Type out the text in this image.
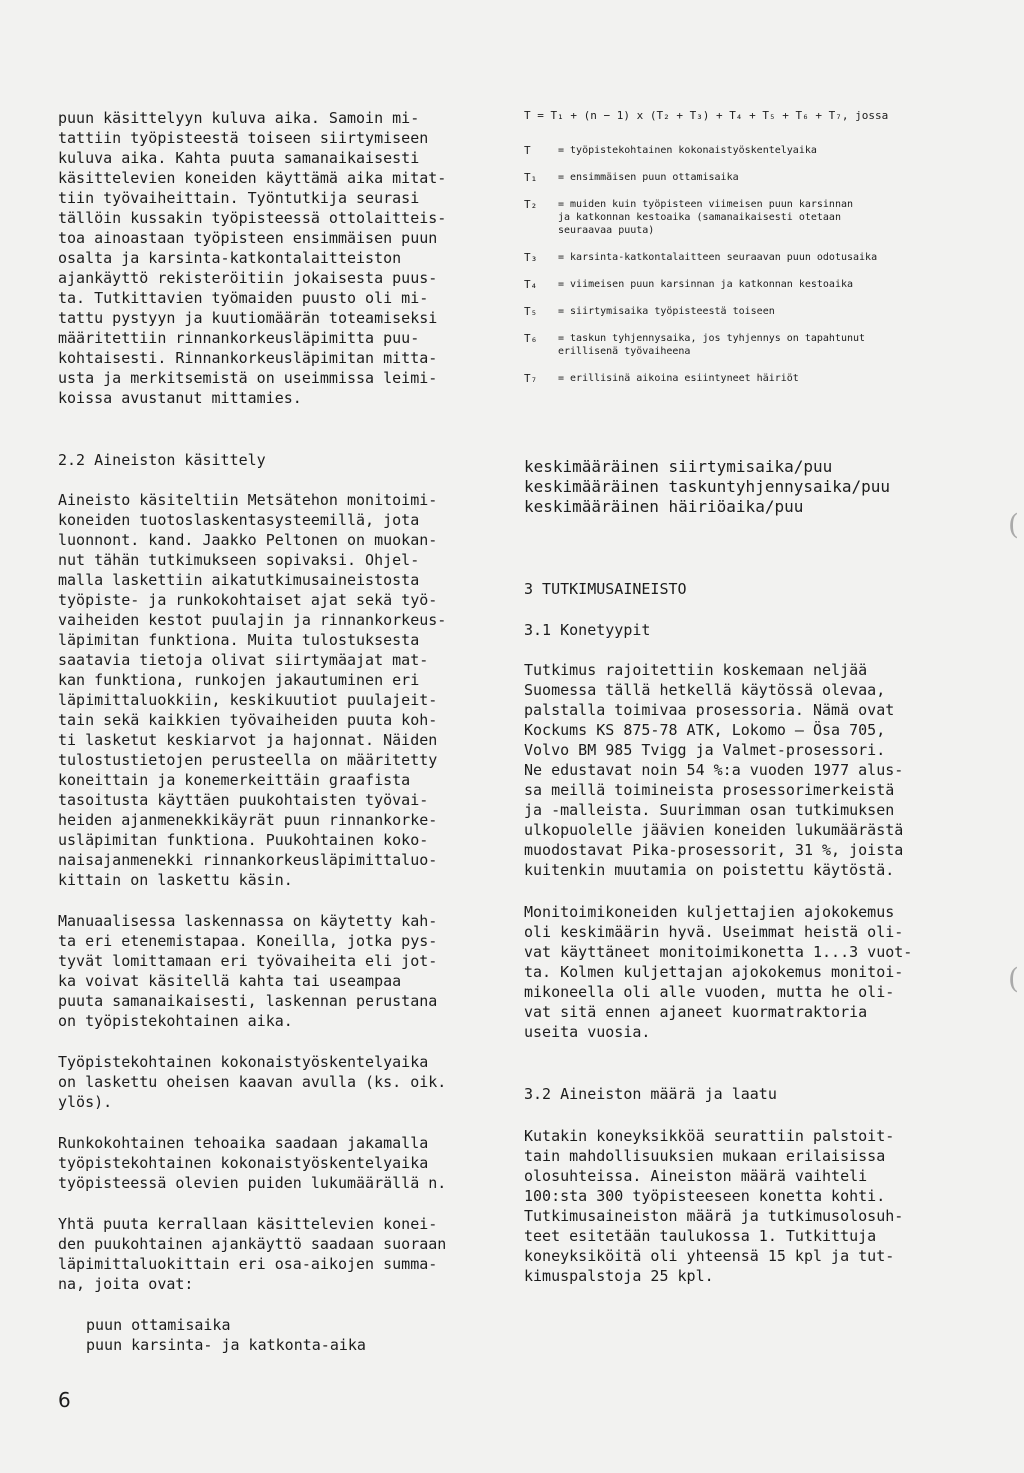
puun käsittelyyn kuluva aika. Samoin mi-
tattiin työpisteestä toiseen siirtymiseen
kuluva aika. Kahta puuta samanaikaisesti
käsittelevien koneiden käyttämä aika mitat-
tiin työvaiheittain. Työntutkija seurasi
tällöin kussakin työpisteessä ottolaitteis-
toa ainoastaan työpisteen ensimmäisen puun
osalta ja karsinta-katkontalaitteiston
ajankäyttö rekisteröitiin jokaisesta puus-
ta. Tutkittavien työmaiden puusto oli mi-
tattu pystyyn ja kuutiomäärän toteamiseksi
määritettiin rinnankorkeusläpimitta puu-
kohtaisesti. Rinnankorkeusläpimitan mitta-
usta ja merkitsemistä on useimmissa leimi-
koissa avustanut mittamies.

2.2 Aineiston käsittely

Aineisto käsiteltiin Metsätehon monitoimi-
koneiden tuotoslaskentasysteemillä, jota
luonnont. kand. Jaakko Peltonen on muokan-
nut tähän tutkimukseen sopivaksi. Ohjel-
malla laskettiin aikatutkimusaineistosta
työpiste- ja runkokohtaiset ajat sekä työ-
vaiheiden kestot puulajin ja rinnankorkeus-
läpimitan funktiona. Muita tulostuksesta
saatavia tietoja olivat siirtymäajat mat-
kan funktiona, runkojen jakautuminen eri
läpimittaluokkiin, keskikuutiot puulajeit-
tain sekä kaikkien työvaiheiden puuta koh-
ti lasketut keskiarvot ja hajonnat. Näiden
tulostustietojen perusteella on määritetty
koneittain ja konemerkeittäin graafista
tasoitusta käyttäen puukohtaisten työvai-
heiden ajanmenekkikäyrät puun rinnankorke-
usläpimitan funktiona. Puukohtainen koko-
naisajanmenekki rinnankorkeusläpimittaluo-
kittain on laskettu käsin.

Manuaalisessa laskennassa on käytetty kah-
ta eri etenemistapaa. Koneilla, jotka pys-
tyvät lomittamaan eri työvaiheita eli jot-
ka voivat käsitellä kahta tai useampaa
puuta samanaikaisesti, laskennan perustana
on työpistekohtainen aika.

Työpistekohtainen kokonaistyöskentelyaika
on laskettu oheisen kaavan avulla (ks. oik.
ylös).

Runkokohtainen tehoaika saadaan jakamalla
työpistekohtainen kokonaistyöskentelyaika
työpisteessä olevien puiden lukumäärällä n.

Yhtä puuta kerrallaan käsittelevien konei-
den puukohtainen ajankäyttö saadaan suoraan
läpimittaluokittain eri osa-aikojen summa-
na, joita ovat:

puun ottamisaika
puun karsinta- ja katkonta-aika

T = T₁ + (n − 1) x (T₂ + T₃) + T₄ + T₅ + T₆ + T₇, jossa

T	= työpistekohtainen kokonaistyöskentelyaika
T₁	= ensimmäisen puun ottamisaika
T₂	= muiden kuin työpisteen viimeisen puun karsinnan
ja katkonnan kestoaika (samanaikaisesti otetaan
seuraavaa puuta)
T₃	= karsinta-katkontalaitteen seuraavan puun odotusaika
T₄	= viimeisen puun karsinnan ja katkonnan kestoaika
T₅	= siirtymisaika työpisteestä toiseen
T₆	= taskun tyhjennysaika, jos tyhjennys on tapahtunut
erillisenä työvaiheena
T₇	= erillisinä aikoina esiintyneet häiriöt

keskimääräinen siirtymisaika/puu
keskimääräinen taskuntyhjennysaika/puu
keskimääräinen häiriöaika/puu

3 TUTKIMUSAINEISTO

3.1 Konetyypit

Tutkimus rajoitettiin koskemaan neljää
Suomessa tällä hetkellä käytössä olevaa,
palstalla toimivaa prosessoria. Nämä ovat
Kockums KS 875-78 ATK, Lokomo – Ösa 705,
Volvo BM 985 Tvigg ja Valmet-prosessori.
Ne edustavat noin 54 %:a vuoden 1977 alus-
sa meillä toimineista prosessorimerkeistä
ja -malleista. Suurimman osan tutkimuksen
ulkopuolelle jäävien koneiden lukumäärästä
muodostavat Pika-prosessorit, 31 %, joista
kuitenkin muutamia on poistettu käytöstä.

Monitoimikoneiden kuljettajien ajokokemus
oli keskimäärin hyvä. Useimmat heistä oli-
vat käyttäneet monitoimikonetta 1...3 vuot-
ta. Kolmen kuljettajan ajokokemus monitoi-
mikoneella oli alle vuoden, mutta he oli-
vat sitä ennen ajaneet kuormatraktoria
useita vuosia.

3.2 Aineiston määrä ja laatu

Kutakin koneyksikköä seurattiin palstoit-
tain mahdollisuuksien mukaan erilaisissa
olosuhteissa. Aineiston määrä vaihteli
100:sta 300 työpisteeseen konetta kohti.
Tutkimusaineiston määrä ja tutkimusolosuh-
teet esitetään taulukossa 1. Tutkittuja
koneyksiköitä oli yhteensä 15 kpl ja tut-
kimuspalstoja 25 kpl.

6
(
(
